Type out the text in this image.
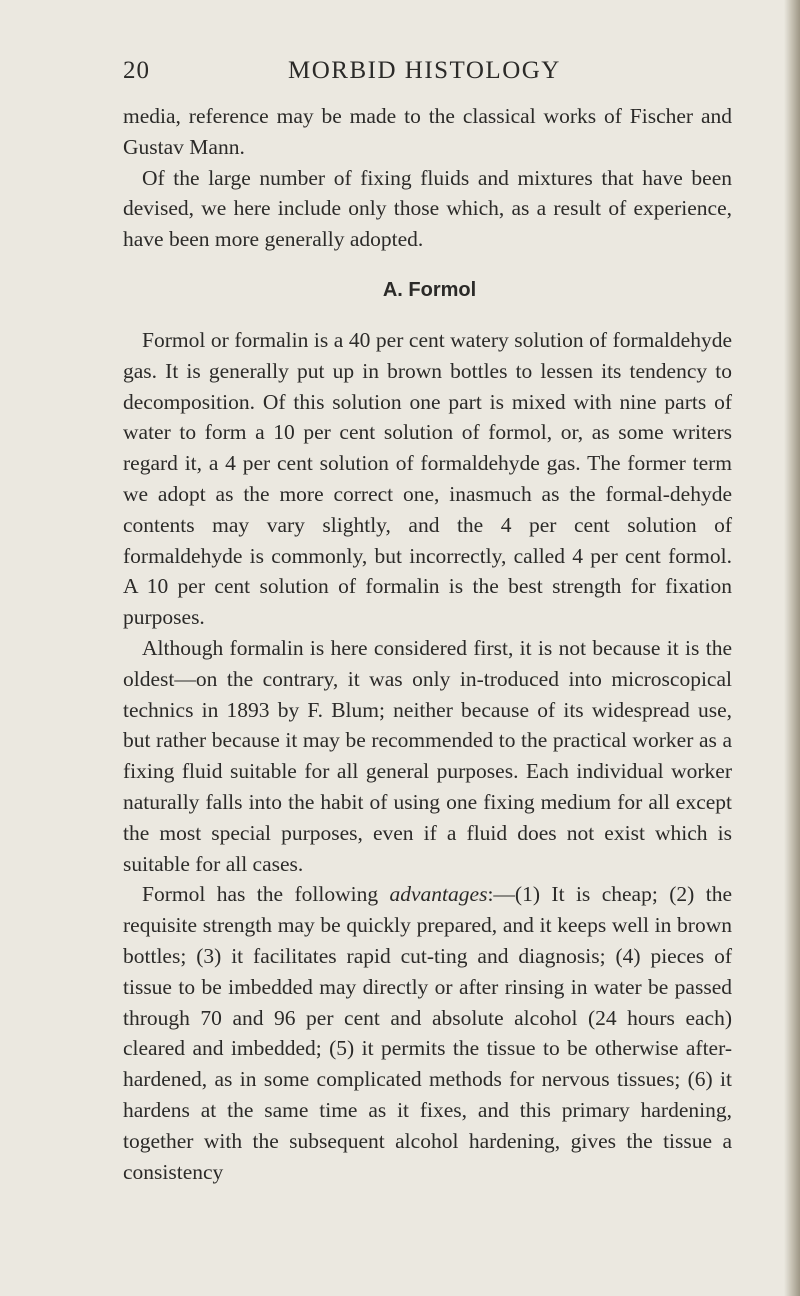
20	MORBID HISTOLOGY

media, reference may be made to the classical works of Fischer and Gustav Mann.

Of the large number of fixing fluids and mixtures that have been devised, we here include only those which, as a result of experience, have been more generally adopted.

A. Formol

Formol or formalin is a 40 per cent watery solution of formaldehyde gas. It is generally put up in brown bottles to lessen its tendency to decomposition. Of this solution one part is mixed with nine parts of water to form a 10 per cent solution of formol, or, as some writers regard it, a 4 per cent solution of formaldehyde gas. The former term we adopt as the more correct one, inasmuch as the formal-dehyde contents may vary slightly, and the 4 per cent solution of formaldehyde is commonly, but incorrectly, called 4 per cent formol. A 10 per cent solution of formalin is the best strength for fixation purposes.

Although formalin is here considered first, it is not because it is the oldest—on the contrary, it was only in-troduced into microscopical technics in 1893 by F. Blum; neither because of its widespread use, but rather because it may be recommended to the practical worker as a fixing fluid suitable for all general purposes. Each individual worker naturally falls into the habit of using one fixing medium for all except the most special purposes, even if a fluid does not exist which is suitable for all cases.

Formol has the following advantages:—(1) It is cheap; (2) the requisite strength may be quickly prepared, and it keeps well in brown bottles; (3) it facilitates rapid cut-ting and diagnosis; (4) pieces of tissue to be imbedded may directly or after rinsing in water be passed through 70 and 96 per cent and absolute alcohol (24 hours each) cleared and imbedded; (5) it permits the tissue to be otherwise after-hardened, as in some complicated methods for nervous tissues; (6) it hardens at the same time as it fixes, and this primary hardening, together with the subsequent alcohol hardening, gives the tissue a consistency
